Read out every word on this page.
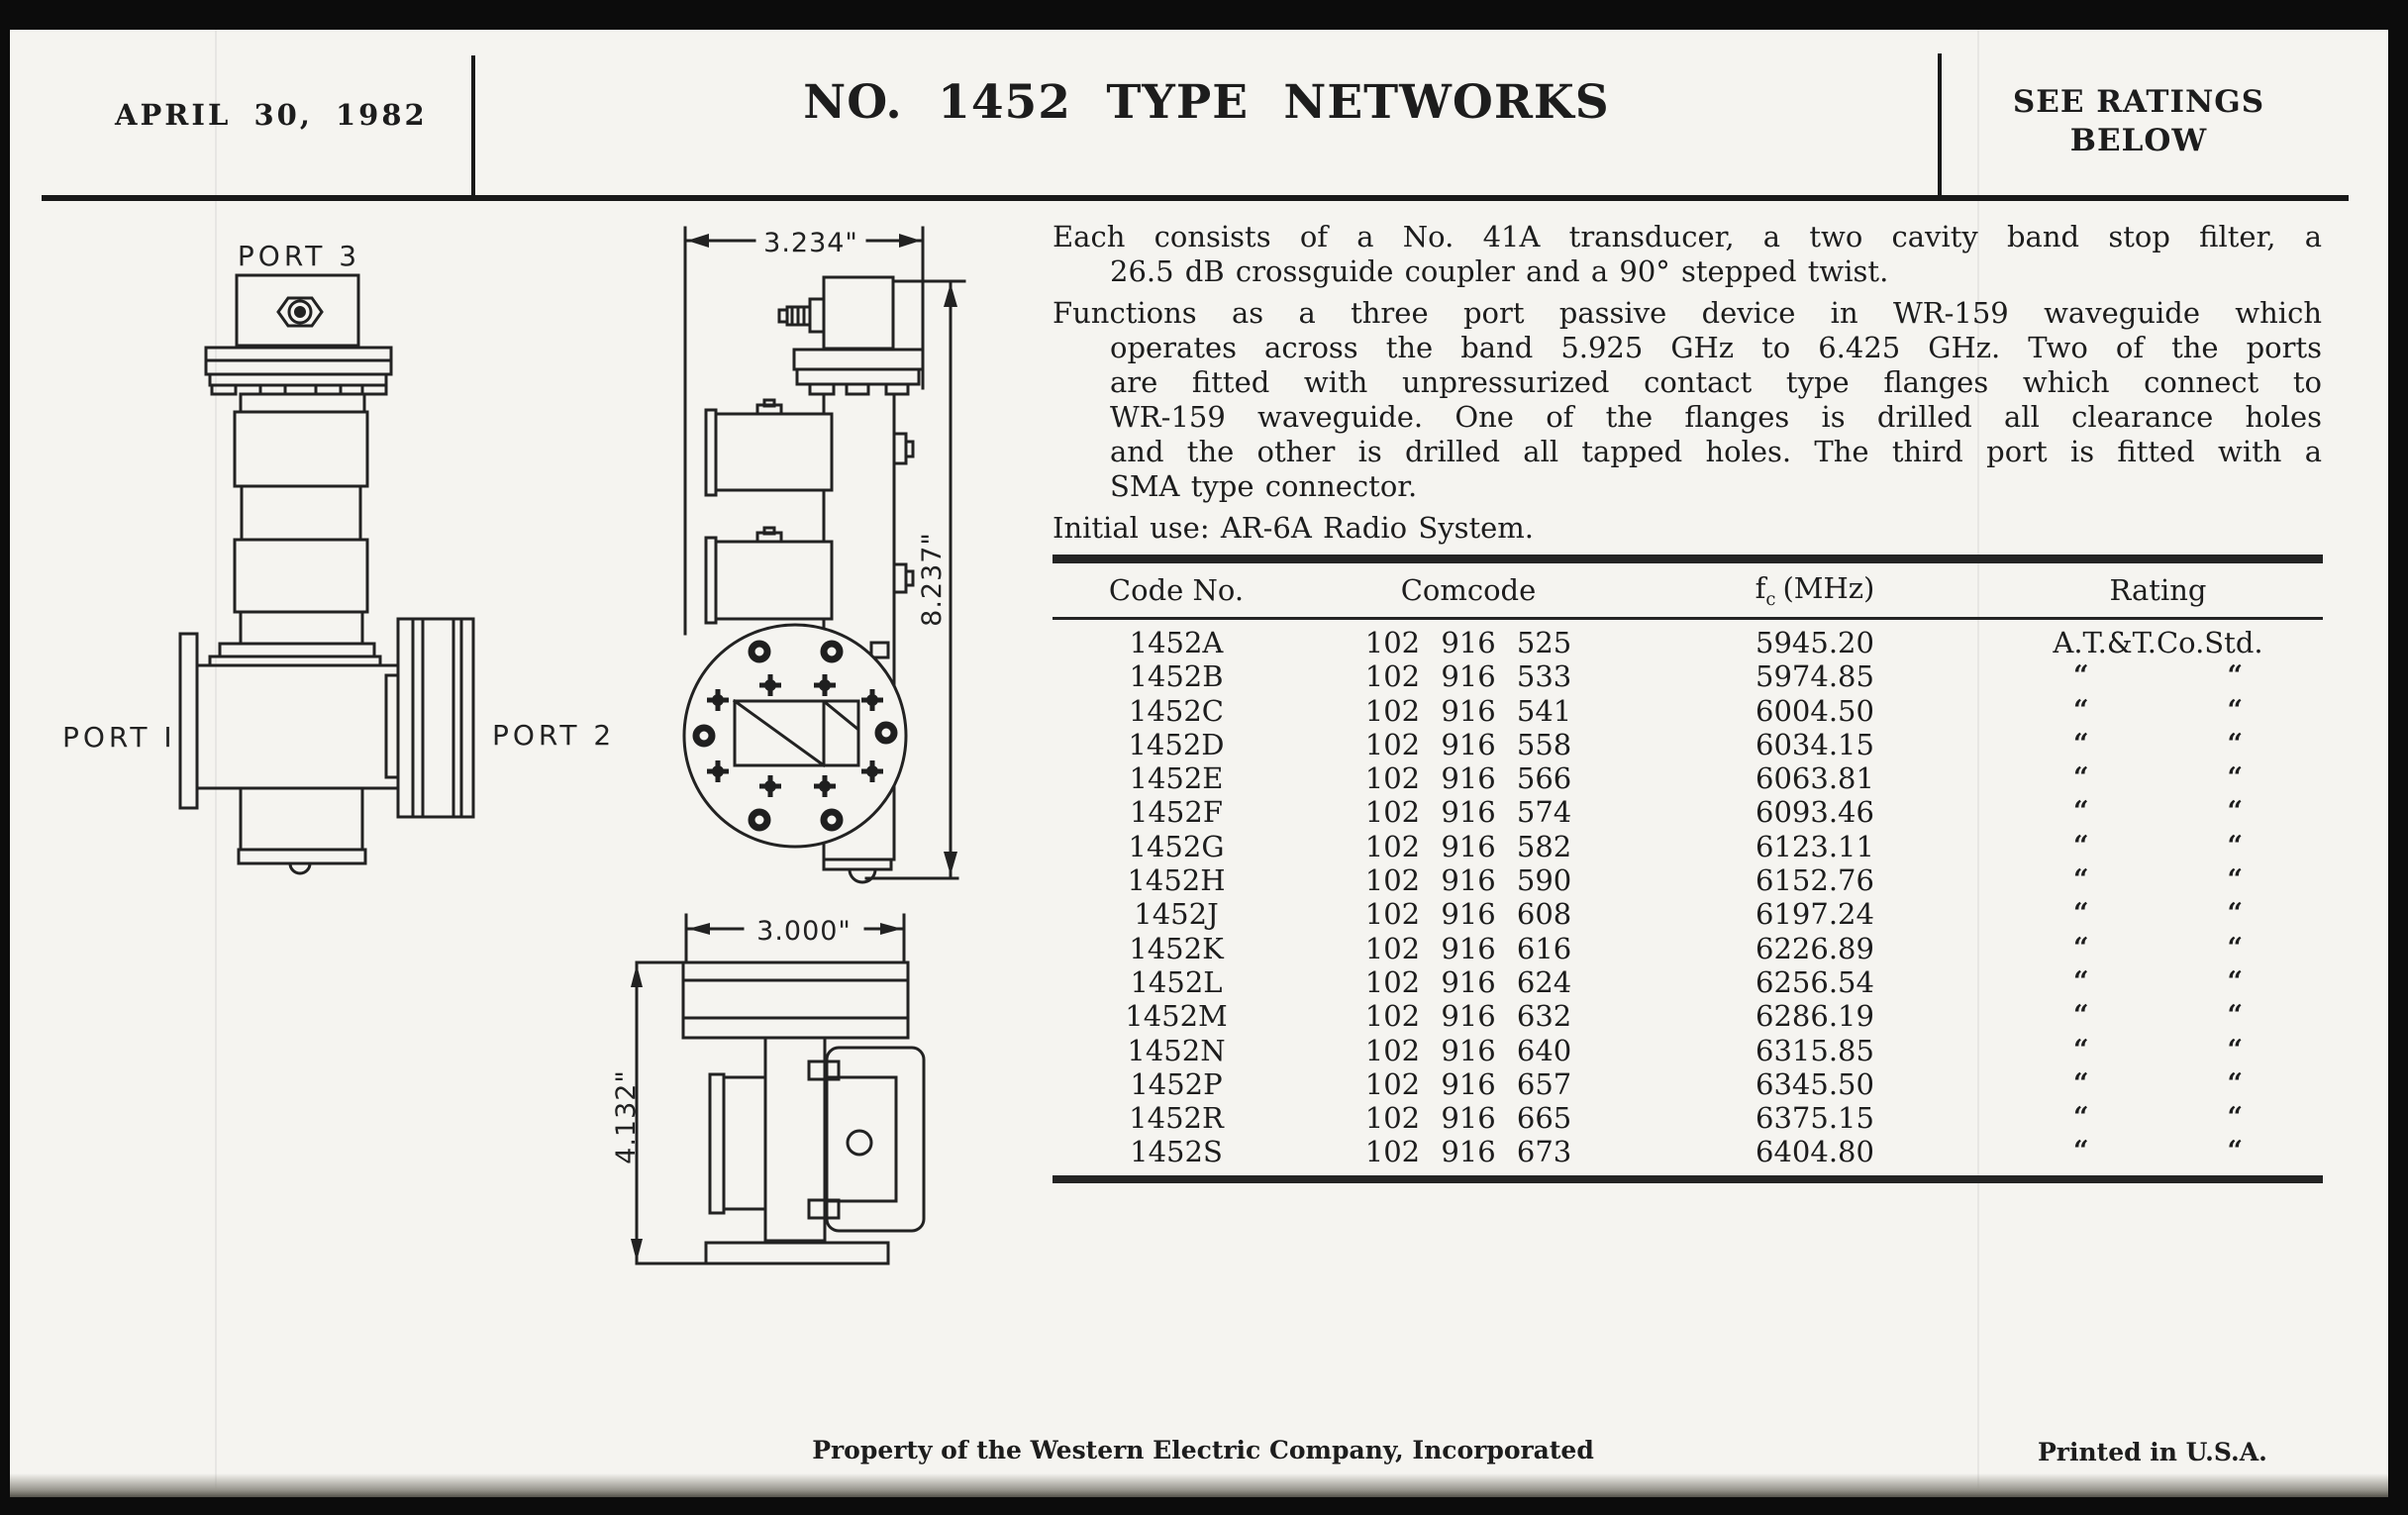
APRIL 30, 1982	NO. 1452 TYPE NETWORKS	SEE RATINGS
BELOW
PORT 3
PORT I	PORT 2
3.234"
8.237"
3.000"
4.132"
Each consists of a No. 41A transducer, a two cavity band stop filter, a
26.5 dB crossguide coupler and a 90° stepped twist.
Functions as a three port passive device in WR-159 waveguide which
operates across the band 5.925 GHz to 6.425 GHz. Two of the ports
are fitted with unpressurized contact type flanges which connect to
WR-159 waveguide. One of the flanges is drilled all clearance holes
and the other is drilled all tapped holes. The third port is fitted with a
SMA type connector.
Initial use: AR-6A Radio System.
Code No.	Comcode	$f_c$ (MHz)	Rating
1452A	102 916 525	5945.20	A.T.&T.Co.Std.
1452B	102 916 533	5974.85	“	“
1452C	102 916 541	6004.50	“	“
1452D	102 916 558	6034.15	“	“
1452E	102 916 566	6063.81	“	“
1452F	102 916 574	6093.46	“	“
1452G	102 916 582	6123.11	“	“
1452H	102 916 590	6152.76	“	“
1452J	102 916 608	6197.24	“	“
1452K	102 916 616	6226.89	“	“
1452L	102 916 624	6256.54	“	“
1452M	102 916 632	6286.19	“	“
1452N	102 916 640	6315.85	“	“
1452P	102 916 657	6345.50	“	“
1452R	102 916 665	6375.15	“	“
1452S	102 916 673	6404.80	“	“
Property of the Western Electric Company, Incorporated	Printed in U.S.A.
